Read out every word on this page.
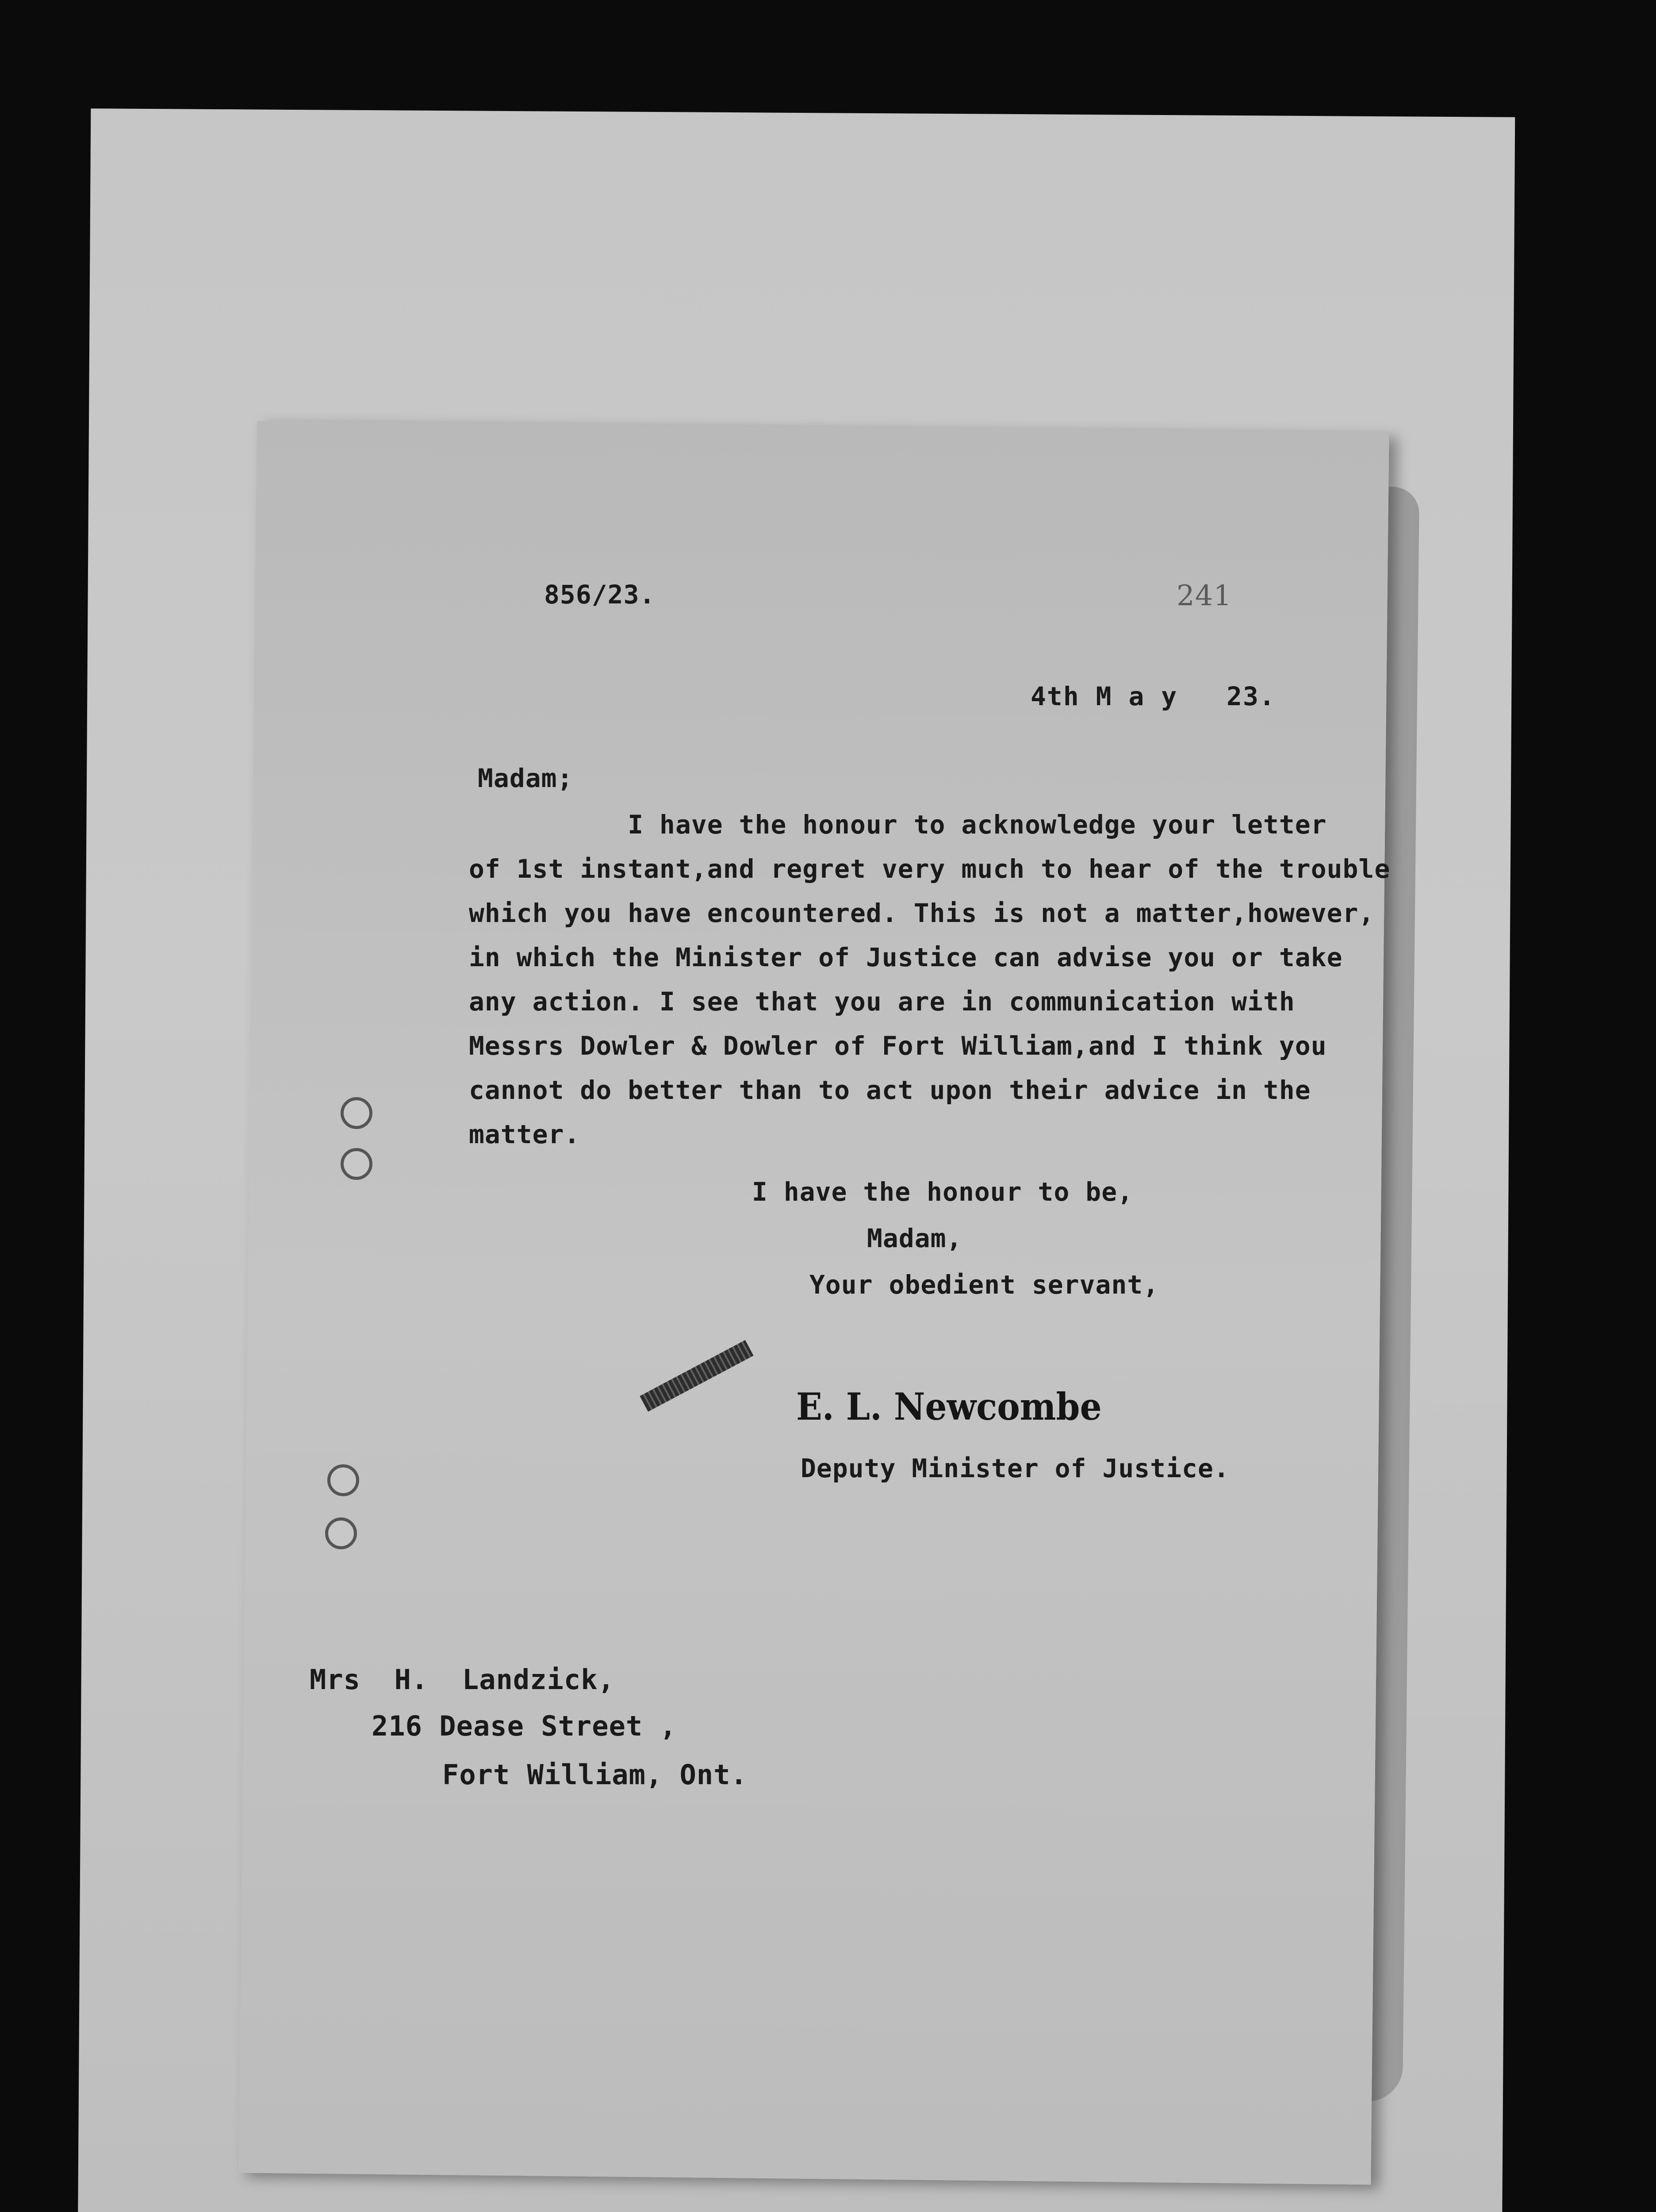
856/23.	241
4th M a y   23.
Madam;
I have the honour to acknowledge your letter
of 1st instant,and regret very much to hear of the trouble
which you have encountered. This is not a matter,however,
in which the Minister of Justice can advise you or take
any action. I see that you are in communication with
Messrs Dowler & Dowler of Fort William,and I think you
cannot do better than to act upon their advice in the
matter.
I have the honour to be,
Madam,
Your obedient servant,
E. L. Newcombe
Deputy Minister of Justice.
Mrs  H.  Landzick,
216 Dease Street ,
Fort William, Ont.
